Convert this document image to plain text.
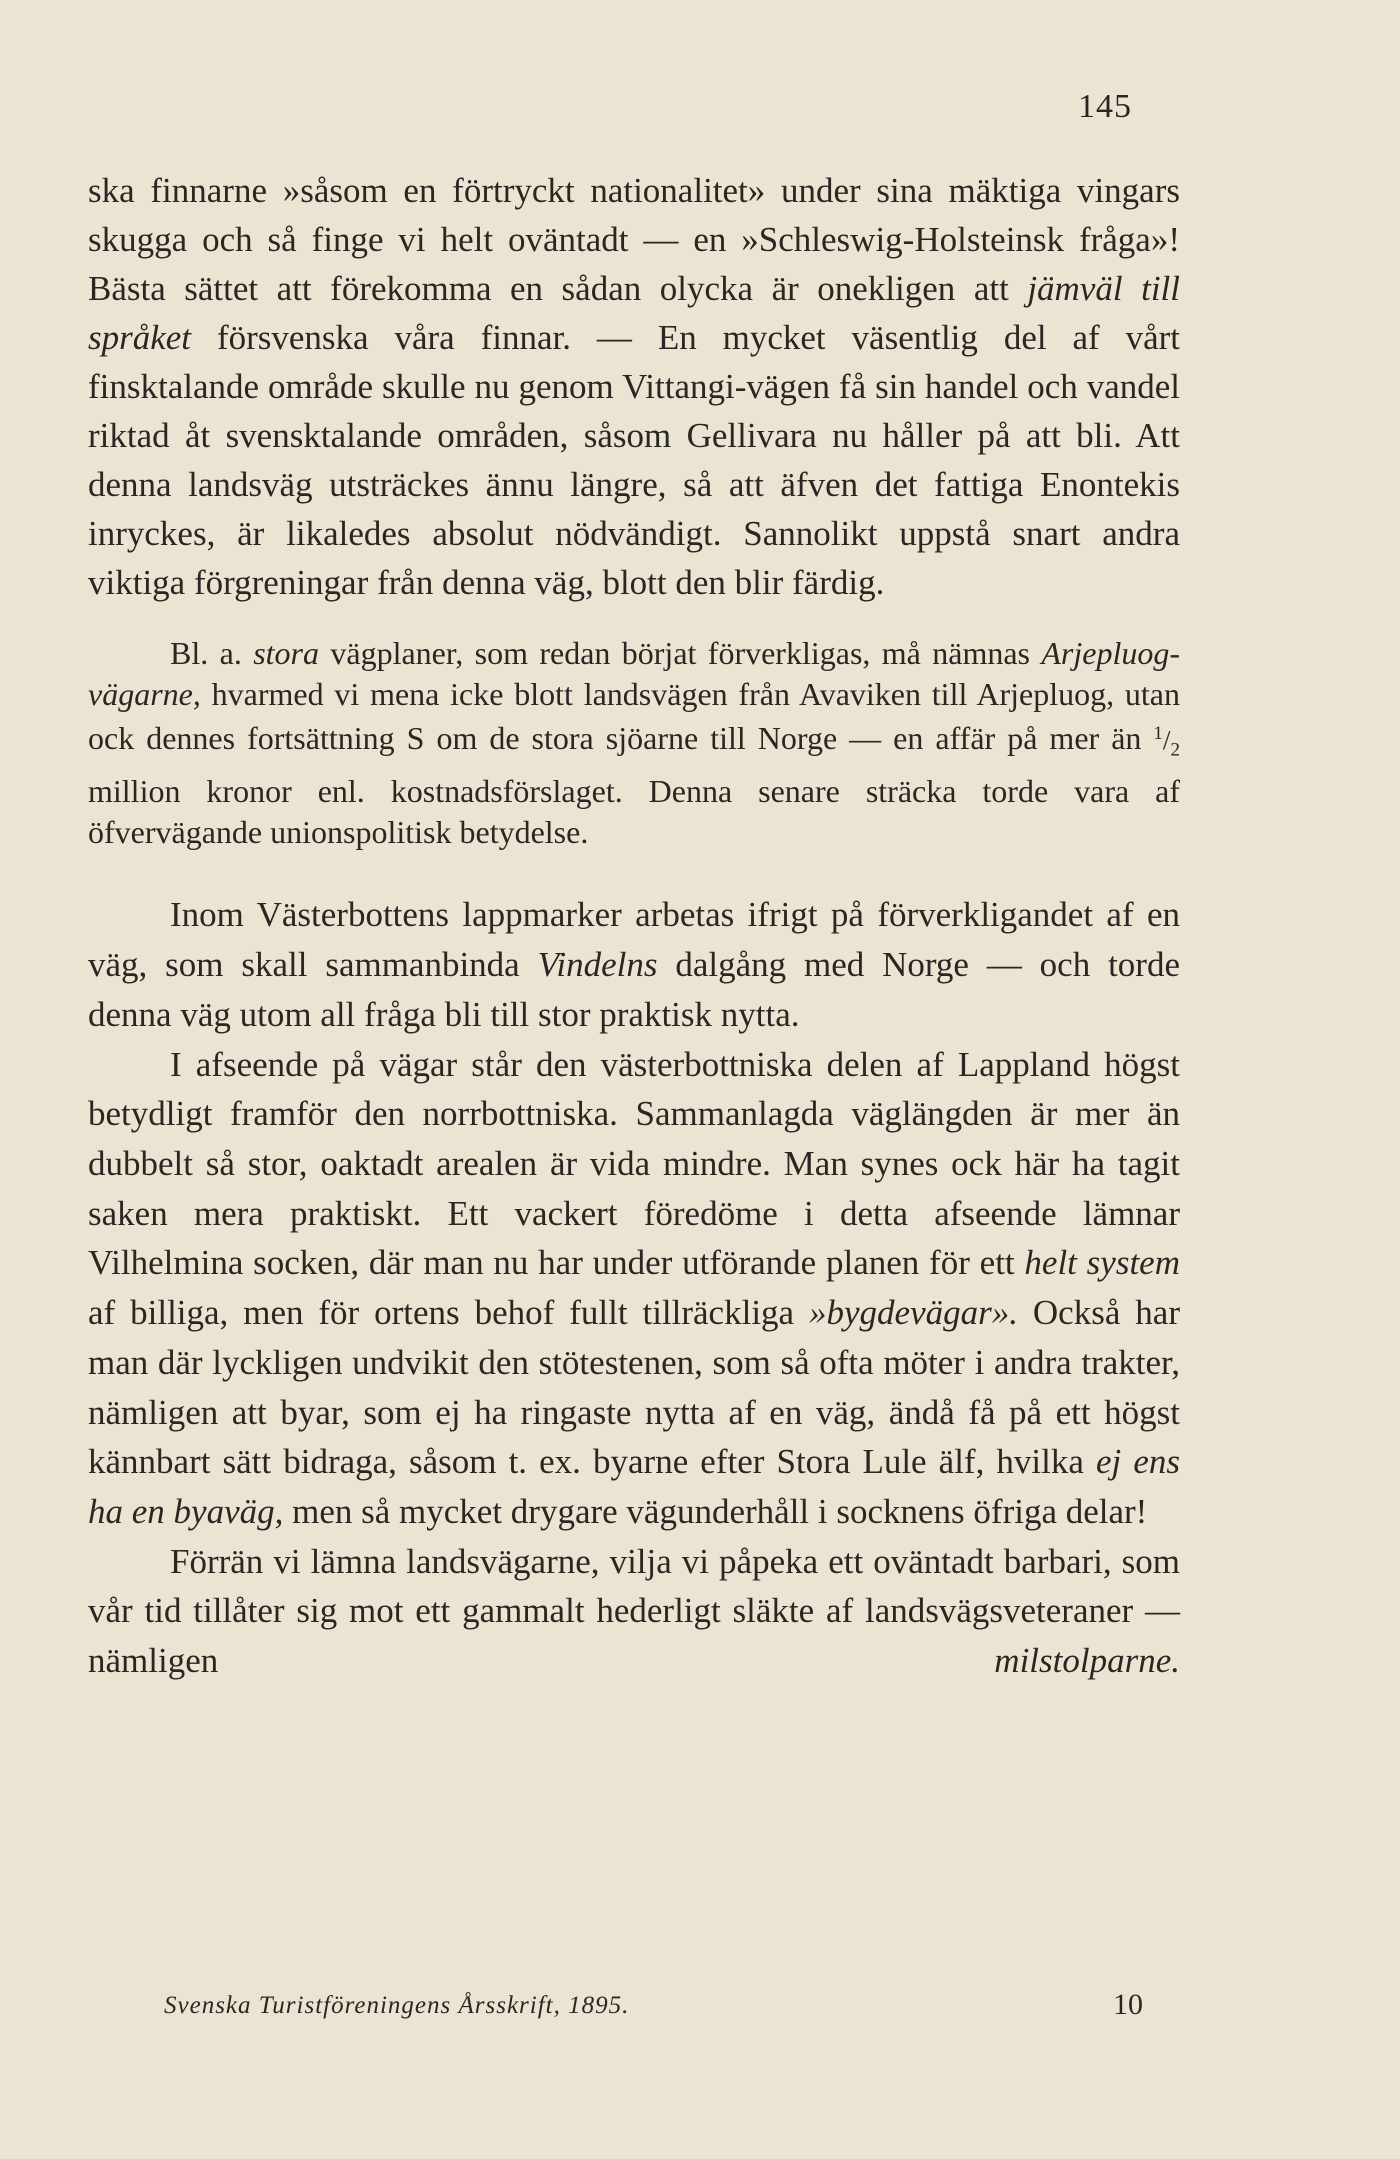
145

ska finnarne »såsom en förtryckt nationalitet» under sina mäktiga vingars skugga och så finge vi helt oväntadt — en »Schleswig-Holsteinsk fråga»! Bästa sättet att förekomma en sådan olycka är onekligen att jämväl till språket försvenska våra finnar. — En mycket väsentlig del af vårt finsktalande område skulle nu genom Vittangi-vägen få sin handel och vandel riktad åt svensktalande områden, såsom Gellivara nu håller på att bli. Att denna landsväg utsträckes ännu längre, så att äfven det fattiga Enontekis inryckes, är likaledes absolut nödvändigt. Sannolikt uppstå snart andra viktiga förgreningar från denna väg, blott den blir färdig.

Bl. a. stora vägplaner, som redan börjat förverkligas, må nämnas Arjepluog-vägarne, hvarmed vi mena icke blott landsvägen från Avaviken till Arjepluog, utan ock dennes fortsättning S om de stora sjöarne till Norge — en affär på mer än $^1/_2$ million kronor enl. kostnadsförslaget. Denna senare sträcka torde vara af öfvervägande unionspolitisk betydelse.

Inom Västerbottens lappmarker arbetas ifrigt på förverkligandet af en väg, som skall sammanbinda Vindelns dalgång med Norge — och torde denna väg utom all fråga bli till stor praktisk nytta.

I afseende på vägar står den västerbottniska delen af Lappland högst betydligt framför den norrbottniska. Sammanlagda väglängden är mer än dubbelt så stor, oaktadt arealen är vida mindre. Man synes ock här ha tagit saken mera praktiskt. Ett vackert föredöme i detta afseende lämnar Vilhelmina socken, där man nu har under utförande planen för ett helt system af billiga, men för ortens behof fullt tillräckliga »bygdevägar». Också har man där lyckligen undvikit den stötestenen, som så ofta möter i andra trakter, nämligen att byar, som ej ha ringaste nytta af en väg, ändå få på ett högst kännbart sätt bidraga, såsom t. ex. byarne efter Stora Lule älf, hvilka ej ens ha en byaväg, men så mycket drygare vägunderhåll i socknens öfriga delar!

Förrän vi lämna landsvägarne, vilja vi påpeka ett oväntadt barbari, som vår tid tillåter sig mot ett gammalt hederligt släkte af landsvägsveteraner — nämligen milstolparne.

Svenska Turistföreningens Årsskrift, 1895.	10
